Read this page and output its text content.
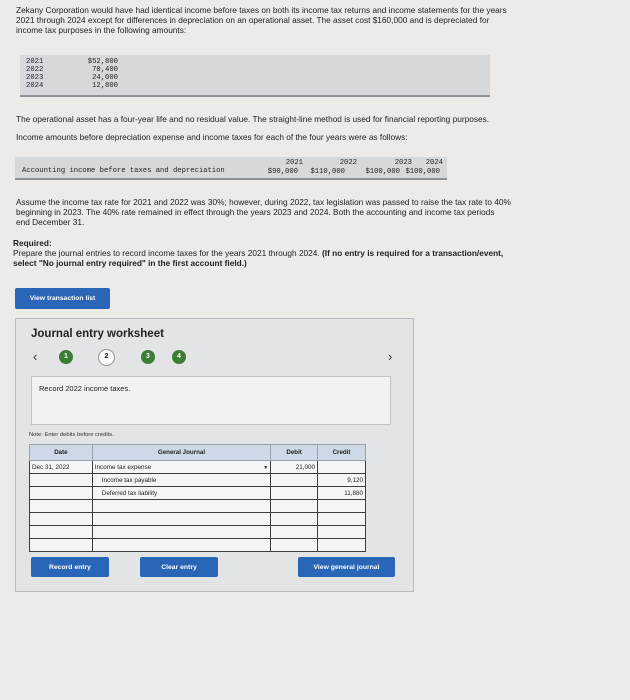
Zekany Corporation would have had identical income before taxes on both its income tax returns and income statements for the years
2021 through 2024 except for differences in depreciation on an operational asset. The asset cost $160,000 and is depreciated for
income tax purposes in the following amounts:
2021	$52,800
2022	70,400
2023	24,000
2024	12,800
The operational asset has a four-year life and no residual value. The straight-line method is used for financial reporting purposes.
Income amounts before depreciation expense and income taxes for each of the four years were as follows:
Accounting income before taxes and depreciation
2021	2022	2023	2024
$90,000	$110,000	$100,000 $100,000
Assume the income tax rate for 2021 and 2022 was 30%; however, during 2022, tax legislation was passed to raise the tax rate to 40%
beginning in 2023. The 40% rate remained in effect through the years 2023 and 2024. Both the accounting and income tax periods
end December 31.
Required:
Prepare the journal entries to record income taxes for the years 2021 through 2024. (If no entry is required for a transaction/event,
select "No journal entry required" in the first account field.)
View transaction list
Journal entry worksheet
‹	1	2	3	4	›
Record 2022 income taxes.
Note: Enter debits before credits.
Date	General Journal	Debit	Credit
Dec 31, 2022	Income tax expense ▼	21,000	
	Income tax payable		9,120
	Deferred tax liability		11,880

Record entry	Clear entry	View general journal
